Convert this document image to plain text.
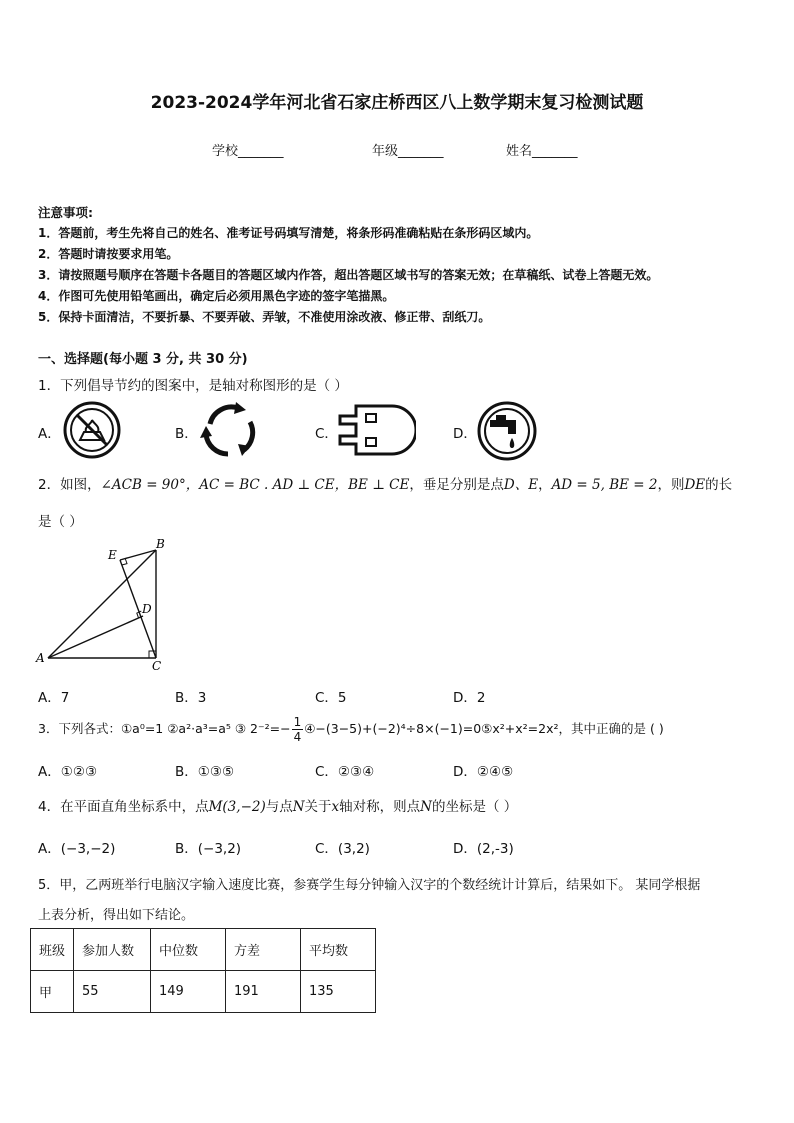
2023-2024学年河北省石家庄桥西区八上数学期末复习检测试题
学校_______	年级_______	姓名_______
注意事项:
1．答题前，考生先将自己的姓名、准考证号码填写清楚，将条形码准确粘贴在条形码区域内。
2．答题时请按要求用笔。
3．请按照题号顺序在答题卡各题目的答题区域内作答，超出答题区域书写的答案无效；在草稿纸、试卷上答题无效。
4．作图可先使用铅笔画出，确定后必须用黑色字迹的签字笔描黑。
5．保持卡面清洁，不要折暴、不要弄破、弄皱，不准使用涂改液、修正带、刮纸刀。
一、选择题(每小题 3 分, 共 30 分)
1．下列倡导节约的图案中，是轴对称图形的是（ ）
A．	B．	C．	D．
2．如图，∠ACB = 90°，AC = BC . AD ⊥ CE，BE ⊥ CE，垂足分别是点D、E，AD = 5, BE = 2，则DE的长
是（ ）
E
B
D
A
C
A．7	B．3	C．5	D．2
3．下列各式：①a⁰=1 ②a²·a³=a⁵ ③ $2^{-2}=- \frac{1}{4}$ ④−(3−5)+(−2)⁴÷8×(−1)=0⑤x²+x²=2x²，其中正确的是 ( )
A．①②③	B．①③⑤	C．②③④	D．②④⑤
4．在平面直角坐标系中，点M(3,−2)与点N关于x轴对称，则点N的坐标是（ ）
A．(−3,−2)	B．(−3,2)	C．(3,2)	D．(2,-3)
5．甲，乙两班举行电脑汉字输入速度比赛，参赛学生每分钟输入汉字的个数经统计计算后，结果如下。 某同学根据
上表分析，得出如下结论。
班级	参加人数	中位数	方差	平均数
甲	55	149	191	135
